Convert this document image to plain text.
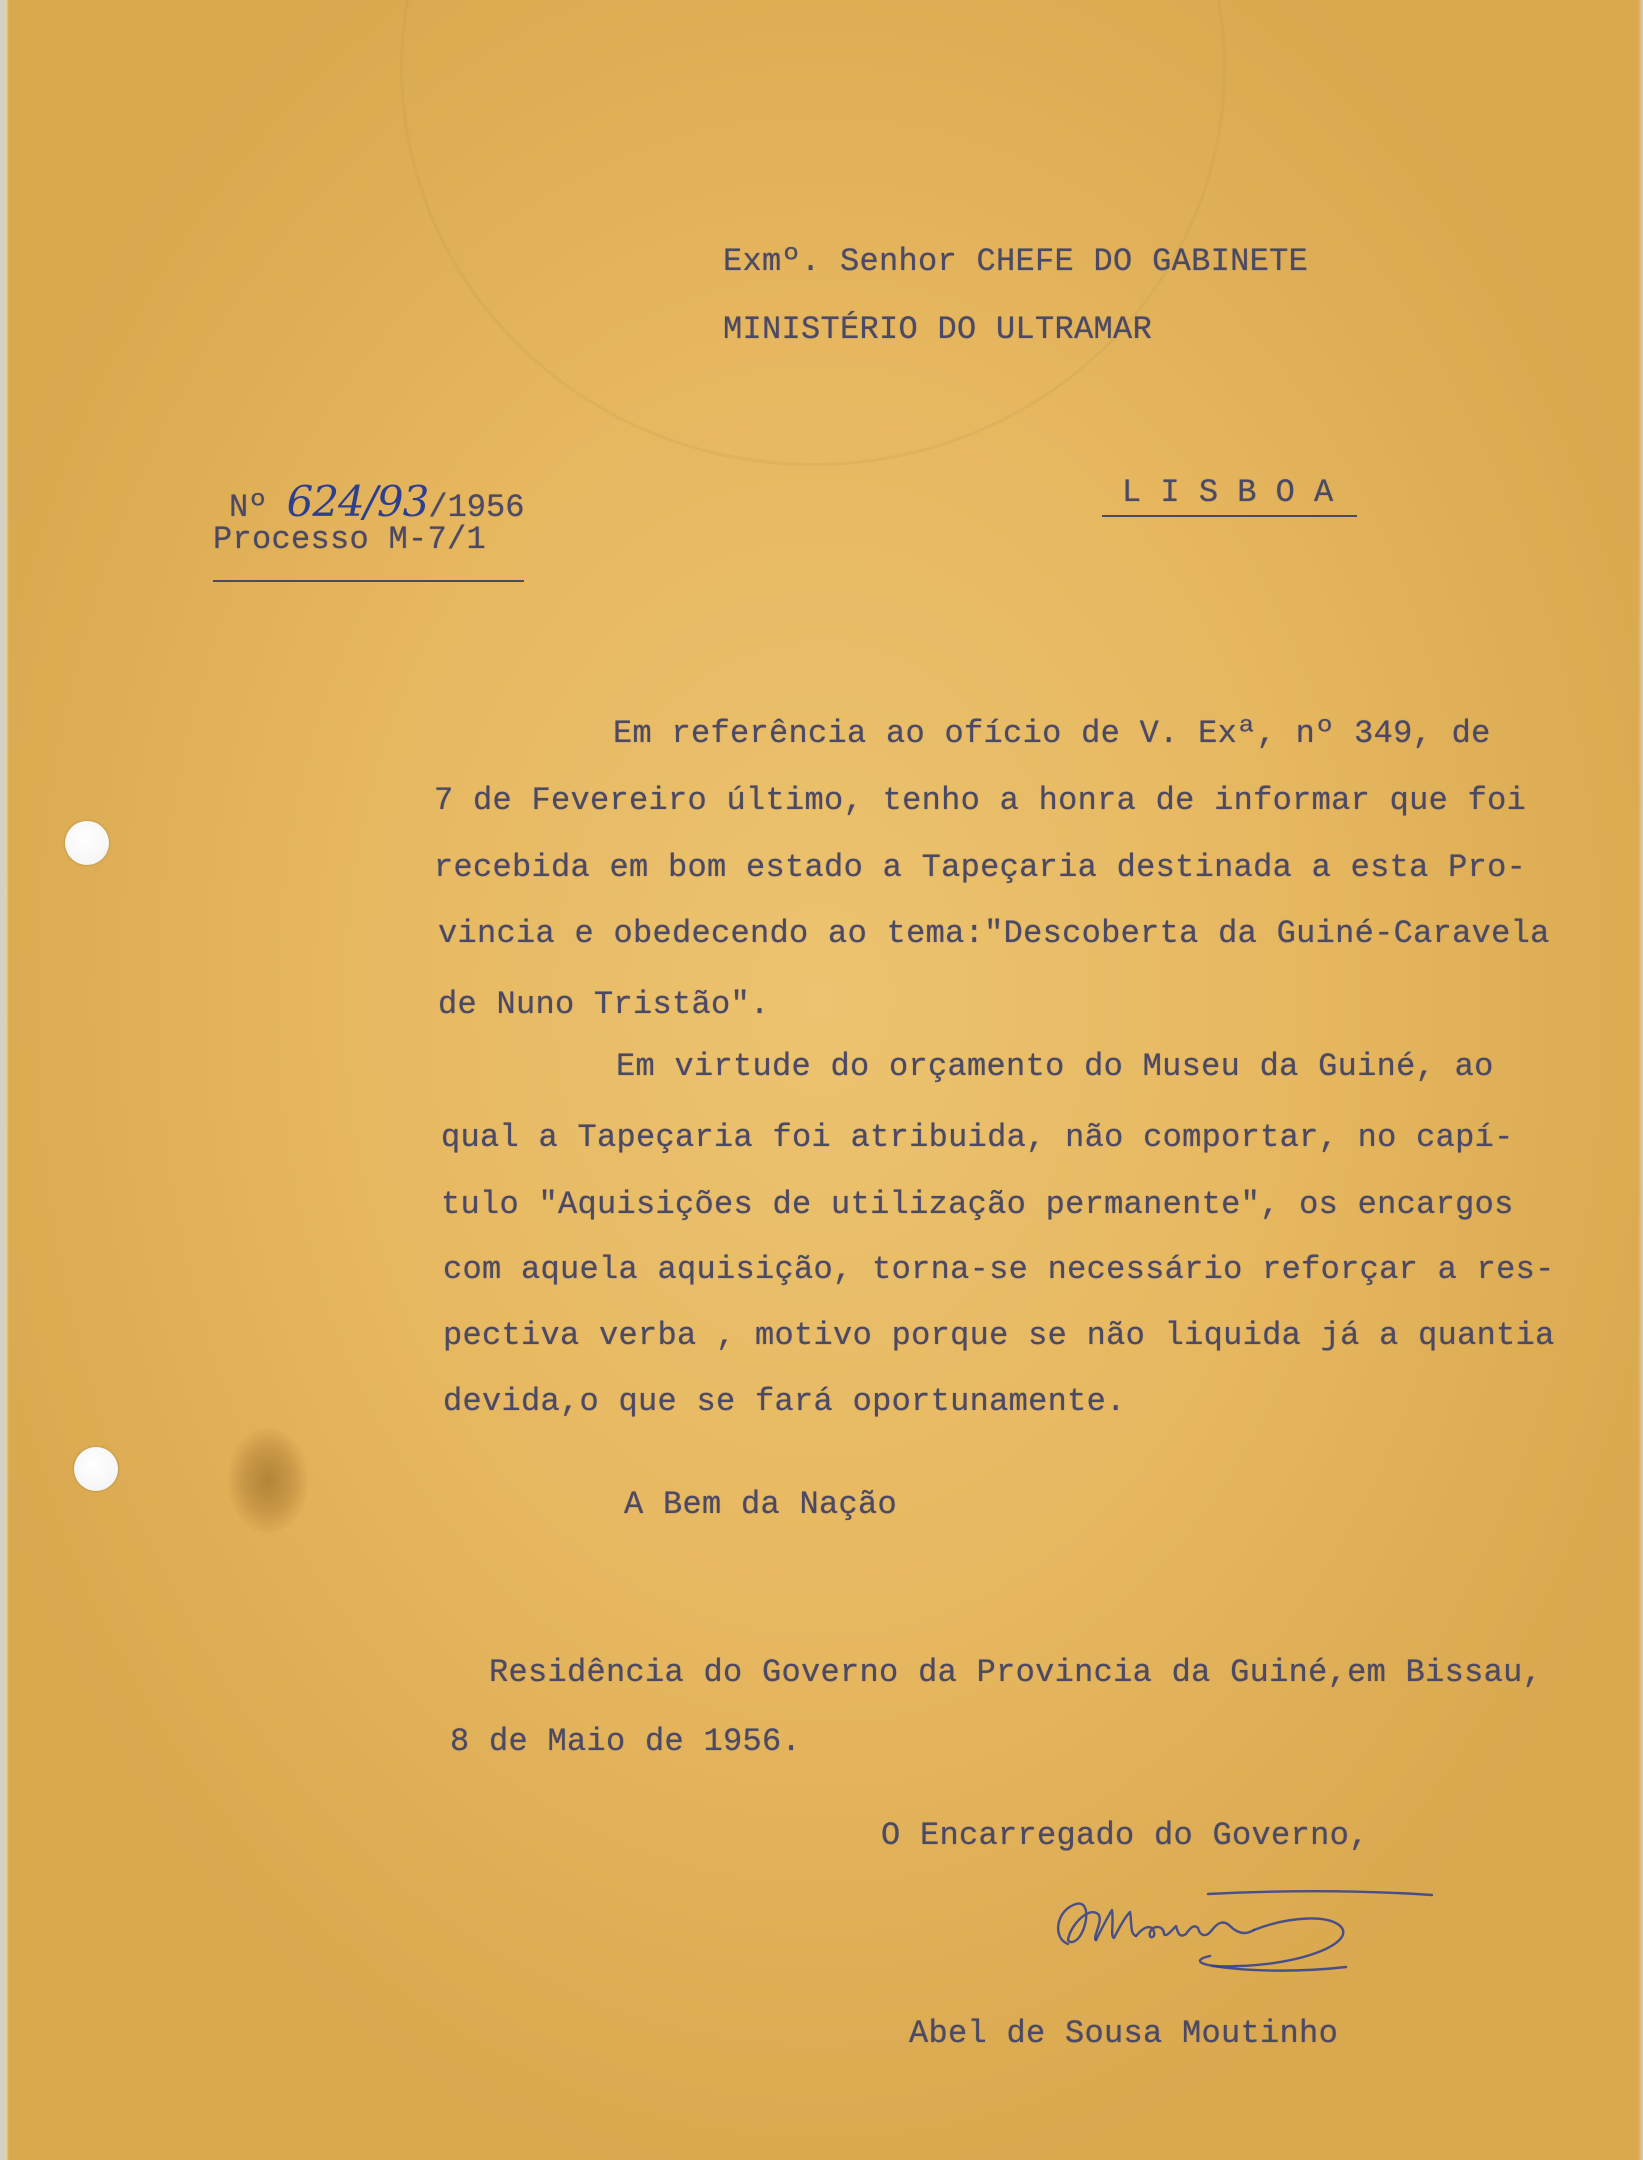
Exmº. Senhor CHEFE DO GABINETE
MINISTÉRIO DO ULTRAMAR

Nº 624/93/1956
	L I S B O A
Processo M-7/1
Em referência ao ofício de V. Exª, nº 349, de
7 de Fevereiro último, tenho a honra de informar que foi
recebida em bom estado a Tapeçaria destinada a esta Pro-
vincia e obedecendo ao tema:"Descoberta da Guiné-Caravela
de Nuno Tristão".
Em virtude do orçamento do Museu da Guiné, ao
qual a Tapeçaria foi atribuida, não comportar, no capí-
tulo "Aquisições de utilização permanente", os encargos
com aquela aquisição, torna-se necessário reforçar a res-
pectiva verba , motivo porque se não liquida já a quantia
devida,o que se fará oportunamente.
A Bem da Nação
Residência do Governo da Provincia da Guiné,em Bissau,
8 de Maio de 1956.
O Encarregado do Governo,
Abel de Sousa Moutinho
